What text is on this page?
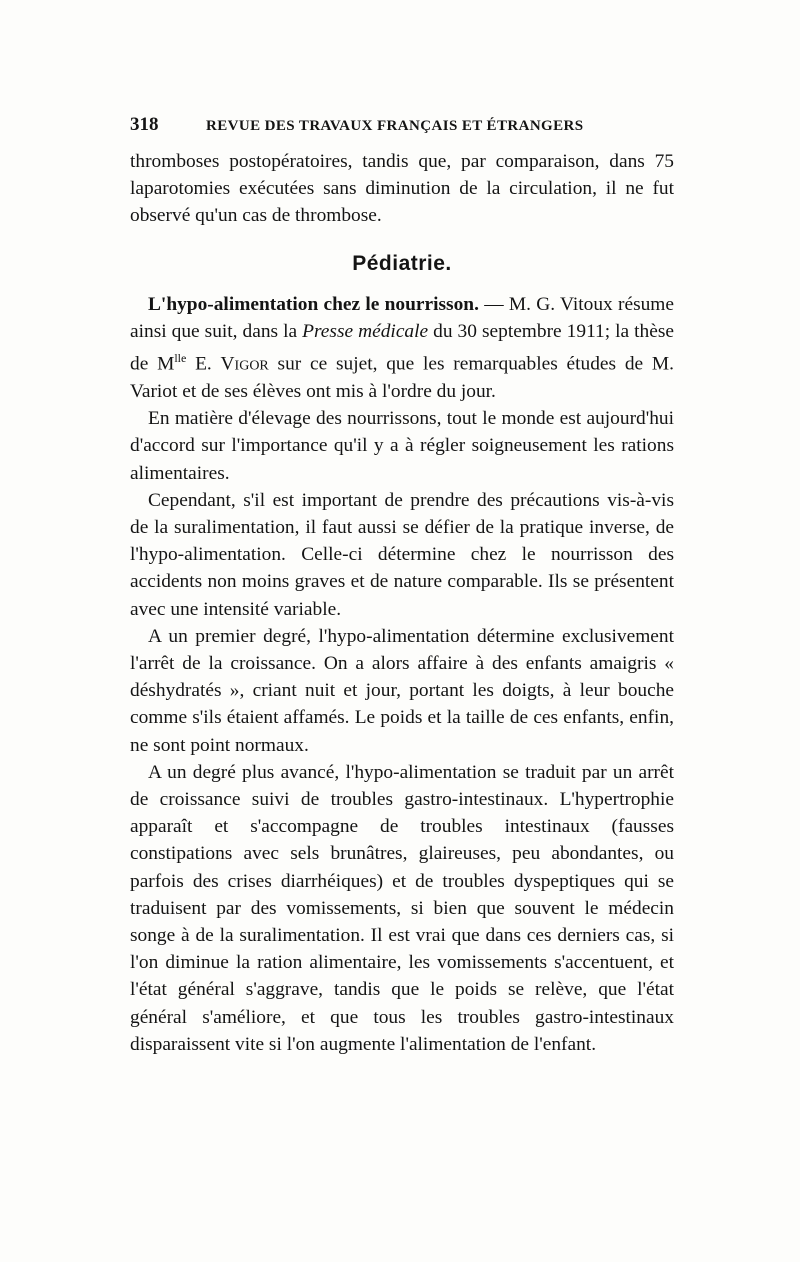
318	REVUE DES TRAVAUX FRANÇAIS ET ÉTRANGERS

thromboses postopératoires, tandis que, par comparaison, dans 75 laparotomies exécutées sans diminution de la circulation, il ne fut observé qu'un cas de thrombose.

Pédiatrie.

L'hypo-alimentation chez le nourrisson. — M. G. Vitoux résume ainsi que suit, dans la Presse médicale du 30 septembre 1911; la thèse de $M^{lle}$ E. Vigor sur ce sujet, que les remarquables études de M. Variot et de ses élèves ont mis à l'ordre du jour.

En matière d'élevage des nourrissons, tout le monde est aujourd'hui d'accord sur l'importance qu'il y a à régler soigneusement les rations alimentaires.

Cependant, s'il est important de prendre des précautions vis-à-vis de la suralimentation, il faut aussi se défier de la pratique inverse, de l'hypo-alimentation. Celle-ci détermine chez le nourrisson des accidents non moins graves et de nature comparable. Ils se présentent avec une intensité variable.

A un premier degré, l'hypo-alimentation détermine exclusivement l'arrêt de la croissance. On a alors affaire à des enfants amaigris « déshydratés », criant nuit et jour, portant les doigts, à leur bouche comme s'ils étaient affamés. Le poids et la taille de ces enfants, enfin, ne sont point normaux.

A un degré plus avancé, l'hypo-alimentation se traduit par un arrêt de croissance suivi de troubles gastro-intestinaux. L'hypertrophie apparaît et s'accompagne de troubles intestinaux (fausses constipations avec sels brunâtres, glaireuses, peu abondantes, ou parfois des crises diarrhéiques) et de troubles dyspeptiques qui se traduisent par des vomissements, si bien que souvent le médecin songe à de la suralimentation. Il est vrai que dans ces derniers cas, si l'on diminue la ration alimentaire, les vomissements s'accentuent, et l'état général s'aggrave, tandis que le poids se relève, que l'état général s'améliore, et que tous les troubles gastro-intestinaux disparaissent vite si l'on augmente l'alimentation de l'enfant.
